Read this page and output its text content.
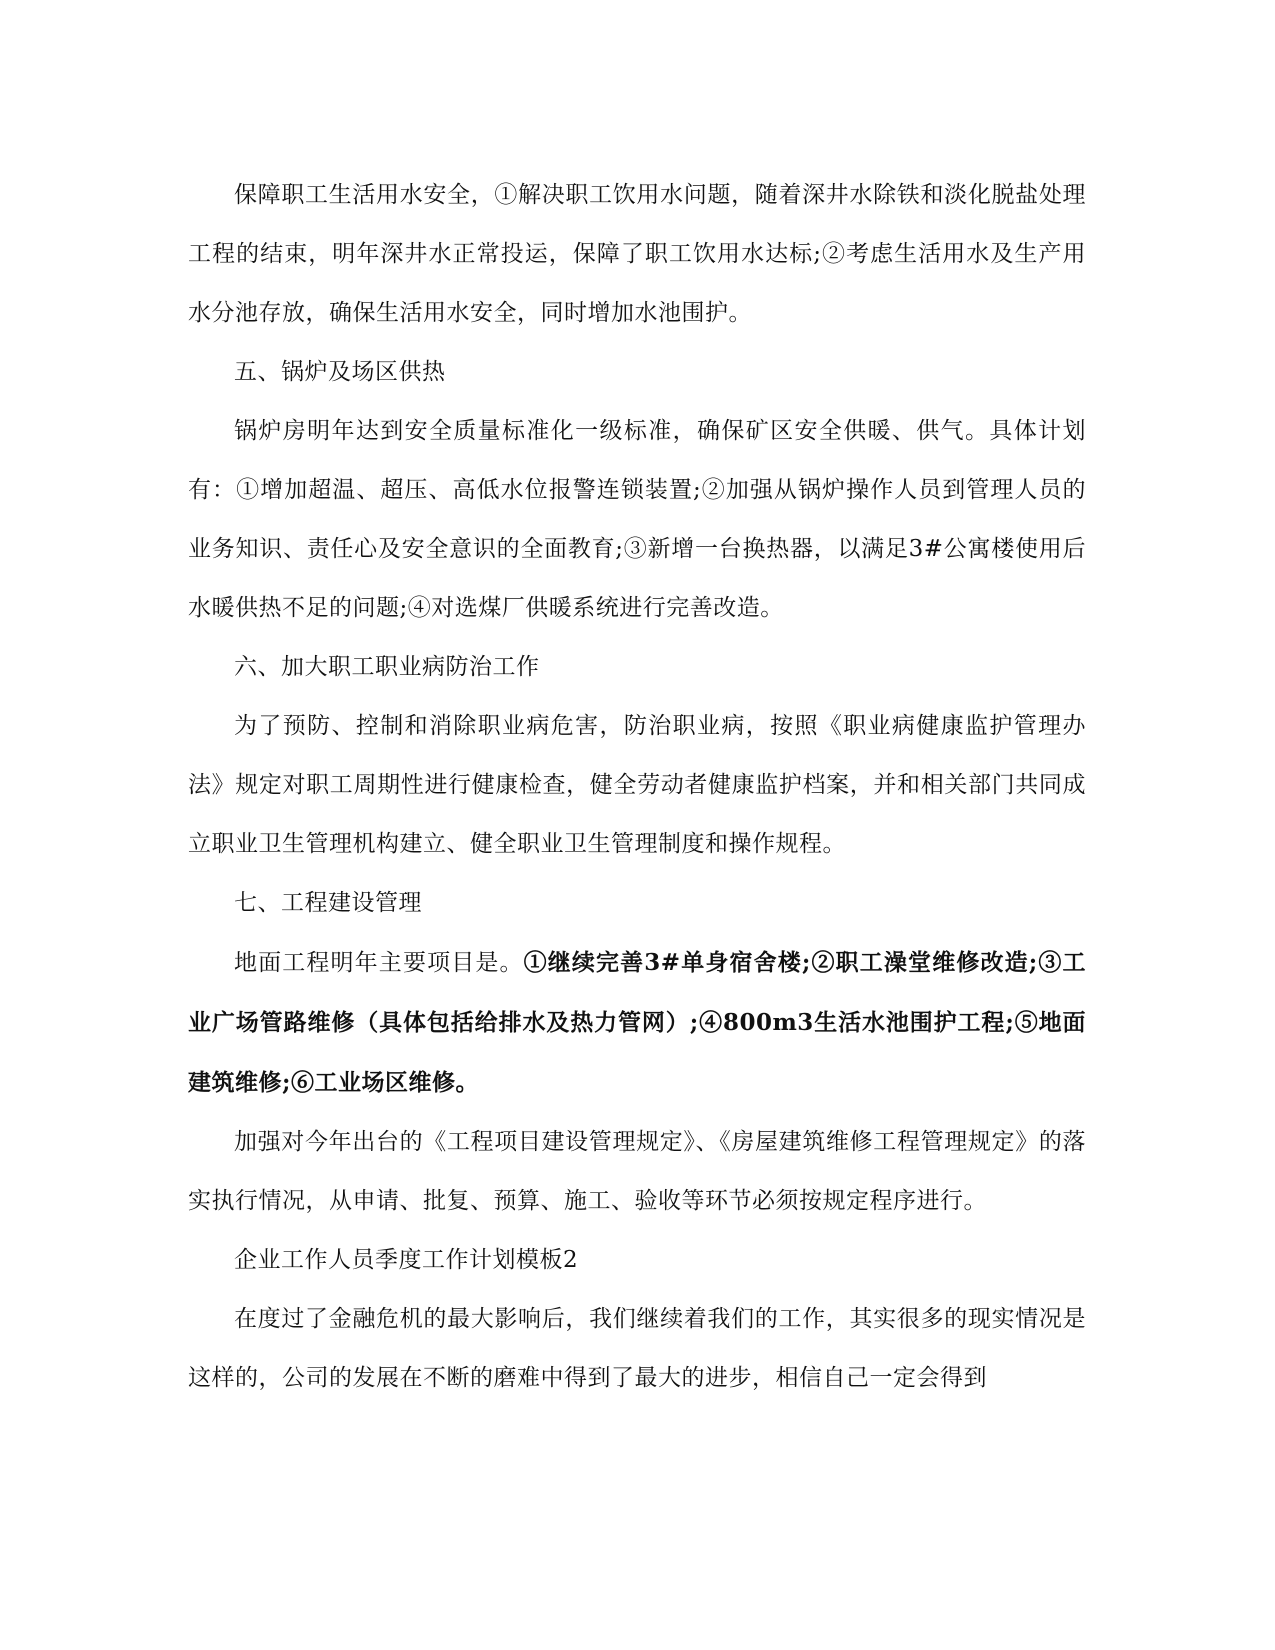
保障职工生活用水安全，①解决职工饮用水问题，随着深井水除铁和淡化脱盐处理工程的结束，明年深井水正常投运，保障了职工饮用水达标;②考虑生活用水及生产用水分池存放，确保生活用水安全，同时增加水池围护。

五、锅炉及场区供热

锅炉房明年达到安全质量标准化一级标准，确保矿区安全供暖、供气。具体计划有：①增加超温、超压、高低水位报警连锁装置;②加强从锅炉操作人员到管理人员的业务知识、责任心及安全意识的全面教育;③新增一台换热器，以满足3#公寓楼使用后水暖供热不足的问题;④对选煤厂供暖系统进行完善改造。

六、加大职工职业病防治工作

为了预防、控制和消除职业病危害，防治职业病，按照《职业病健康监护管理办法》规定对职工周期性进行健康检查，健全劳动者健康监护档案，并和相关部门共同成立职业卫生管理机构建立、健全职业卫生管理制度和操作规程。

七、工程建设管理

地面工程明年主要项目是。①继续完善3#单身宿舍楼;②职工澡堂维修改造;③工业广场管路维修（具体包括给排水及热力管网）;④800m3生活水池围护工程;⑤地面建筑维修;⑥工业场区维修。

加强对今年出台的《工程项目建设管理规定》、《房屋建筑维修工程管理规定》的落实执行情况，从申请、批复、预算、施工、验收等环节必须按规定程序进行。

企业工作人员季度工作计划模板2

在度过了金融危机的最大影响后，我们继续着我们的工作，其实很多的现实情况是这样的，公司的发展在不断的磨难中得到了最大的进步，相信自己一定会得到
